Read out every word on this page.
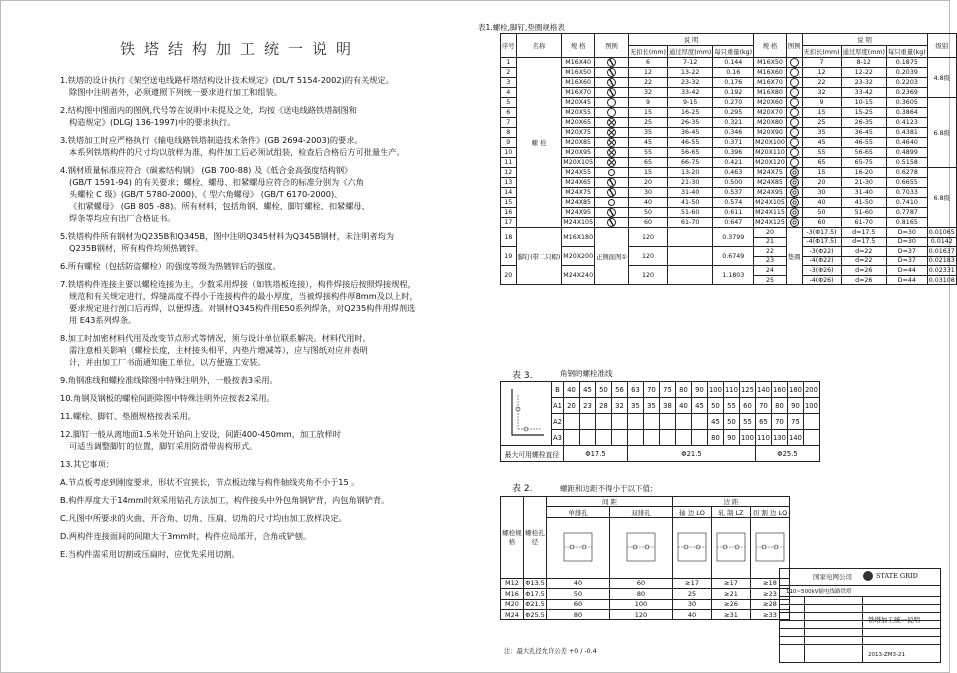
铁塔结构加工统一说明
1.铁塔的设计执行《架空送电线路杆塔结构设计技术规定》(DL/T 5154-2002)的有关规定。
除图中注明者外，必须遵照下列统一要求进行加工和组装。
2.结构图中图面内的图例,代号等在说明中未提及之处，均按《送电线路铁塔制图和
构造规定》(DLGJ 136-1997)中的要求执行。
3.铁塔加工时应严格执行《输电线路铁塔制造技术条件》(GB 2694-2003)的要求。
本系列铁塔构件的尺寸均以放样为准，构件加工后必须试组装，检查后合格后方可批量生产。
4.钢材质量标准应符合《碳素结构钢》 (GB 700-88) 及《低合金高强度结构钢》
(GB/T 1591-94) 的有关要求；螺栓、螺母、扣紧螺母应符合的标准分别为《六角
头螺栓 C 级》(GB/T 5780-2000)、《 型六角螺母》 (GB/T 6170-2000)、
《扣紧螺母》 (GB 805 -88)。所有材料，包括角钢、螺栓、脚钉螺栓、扣紧螺母、
焊条等均应有出厂合格证书。
5.铁塔构件所有钢材为Q235B和Q345B，图中注明Q345材料为Q345B钢材，未注明者均为
Q235B钢材，所有构件均须热镀锌。
6.所有螺栓（包括防盗螺栓）的强度等级为热镀锌后的强度。
7.铁塔构件连接主要以螺栓连接为主，少数采用焊接（如铁塔板连接），构件焊接后按照焊接规程，
规范和有关规定进行，焊缝高度不得小于连接构件的最小厚度，当被焊接构件厚8mm及以上时，
要求规定进行剖口后再焊，以便焊透。对钢材Q345构件用E50系列焊条，对Q235构件用焊剂选
用 E43系列焊条。
8.加工时加密材料代用及改变节点形式等情况，须与设计单位联系解决。材料代用时，
需注意相关影响（螺栓长度，主材接头相平，内垫片增减等），应与图纸对应并表明
计，并由加工厂书面通知施工单位，以方便施工安装。
9.角钢准线和螺栓准线除图中特殊注明外，一般按表3采用。
10.角钢及钢板的螺栓间距除图中特殊注明外应按表2采用。
11.螺栓、脚钉、垫圈规格按表采用。
12.脚钉一般从离地面1.5米处开始向上安设，间距400-450mm，加工放样时
可适当调整脚钉的位置，脚钉采用防滑带齿构形式。
13.其它事项：
A.节点板考虑到刚度要求，形状不宜狭长，节点板边缘与构件轴线夹角不小于15 。
B.构件厚度大于14mm时须采用钻孔方法加工，构件接头中外包角钢铲背，内包角钢铲背。
C.凡图中所要求的火曲、开合角、切角、压扁、切角的尺寸均由加工放样决定。
D.两构件连接面间的间隙大于3mm时，构件应局部开，合角或铲刨。
E.当构件需采用切割或压扁时，应优先采用切割。
表1.螺栓,脚钉,垫圈规格表
序号	名称	规 格	图例	说 明			规 格	图例	说 明			级别
				无扣长(mm)	通过厚度(mm)	每只重量(kg)			无扣长(mm)	通过厚度(mm)	每只重量(kg)	
1	螺 栓	M16X40		6	7-12	0.144	M16X50		7	8-12	0.1875	4.8级
2		M16X50		12	13-22	0.16	M16X60		12	12-22	0.2039	
3		M16X60		22	23-32	0.176	M16X70		22	23-32	0.2203	
4		M16X70		32	33-42	0.192	M16X80		32	33-42	0.2369	
5		M20X45		9	9-15	0.270	M20X60		9	10-15	0.3605	6.8级
6		M20X55		15	16-25	0.295	M20X70		15	15-25	0.3864	
7		M20X65		25	26-35	0.321	M20X80		25	26-35	0.4123	
8		M20X75		35	36-45	0.346	M20X90		35	36-45	0.4381	
9		M20X85		45	46-55	0.371	M20X100		45	46-55	0.4640	
10		M20X95		55	56-65	0.396	M20X110		55	56-65	0.4899	
11		M20X105		65	66-75	0.421	M20X120		65	65-75	0.5158	
12		M24X55		15	13-20	0.463	M24X75		15	16-20	0.6278	6.8级
13		M24X65		20	21-30	0.500	M24X85		20	21-30	0.6655	
14		M24X75		30	31-40	0.537	M24X95		30	31-40	0.7033	
15		M24X85		40	41-50	0.574	M24X105		40	41-50	0.7410	
16		M24X95		50	51-60	0.611	M24X115		50	51-60	0.7787	
17		M24X105		60	61-70	0.647	M24X125		60	61-70	0.8165	
18	脚钉(带二只帽)	M16X180	正侧面图①	120		0.3799	20	垫圈	-3(Φ17.5)	d=17.5	D=30	0.01065
							21		-4(Φ17.5)	d=17.5	D=30	0.0142
19		M20X200		120		0.6749	22		-3(Φ22)	d=22	D=37	0.01637
							23		-4(Φ22)	d=22	D=37	0.02183
20		M24X240		120		1.1803	24		-3(Φ26)	d=26	D=44	0.02331
							25		-4(Φ26)	d=26	D=44	0.03108
表 3.	角钢的螺栓准线
	B	40	45	50	56	63	70	75	80	90	100	110	125	140	160	180	200
	A1	20	23	28	32	35	35	38	40	45	50	55	60	70	80	90	100
	A2										45	50	55	65	70	75	
	A3										80	90	100	110	130	140	
最大可用螺栓直径		Φ17.5				Φ21.5								Φ25.5			
表 2.	螺距和边距不得小于以下值:
螺栓规格	螺栓孔径	间 距		边 距		
		单排孔	双排孔	轴 边 LO	轧 制 LZ	切 割 边 LQ

M12	Φ13.5	40	60	≥17	≥17	≥18
M16	Φ17.5	50	80	25	≥21	≥23
M20	Φ21.5	60	100	30	≥26	≥28
M24	Φ25.5	80	120	40	≥31	≥33
注：最大孔径允许公差 +0 / -0.4
国家电网公司	STATE GRID
110~500kV输电线路铁塔
铁塔加工统一说明
2013-ZM3-21
